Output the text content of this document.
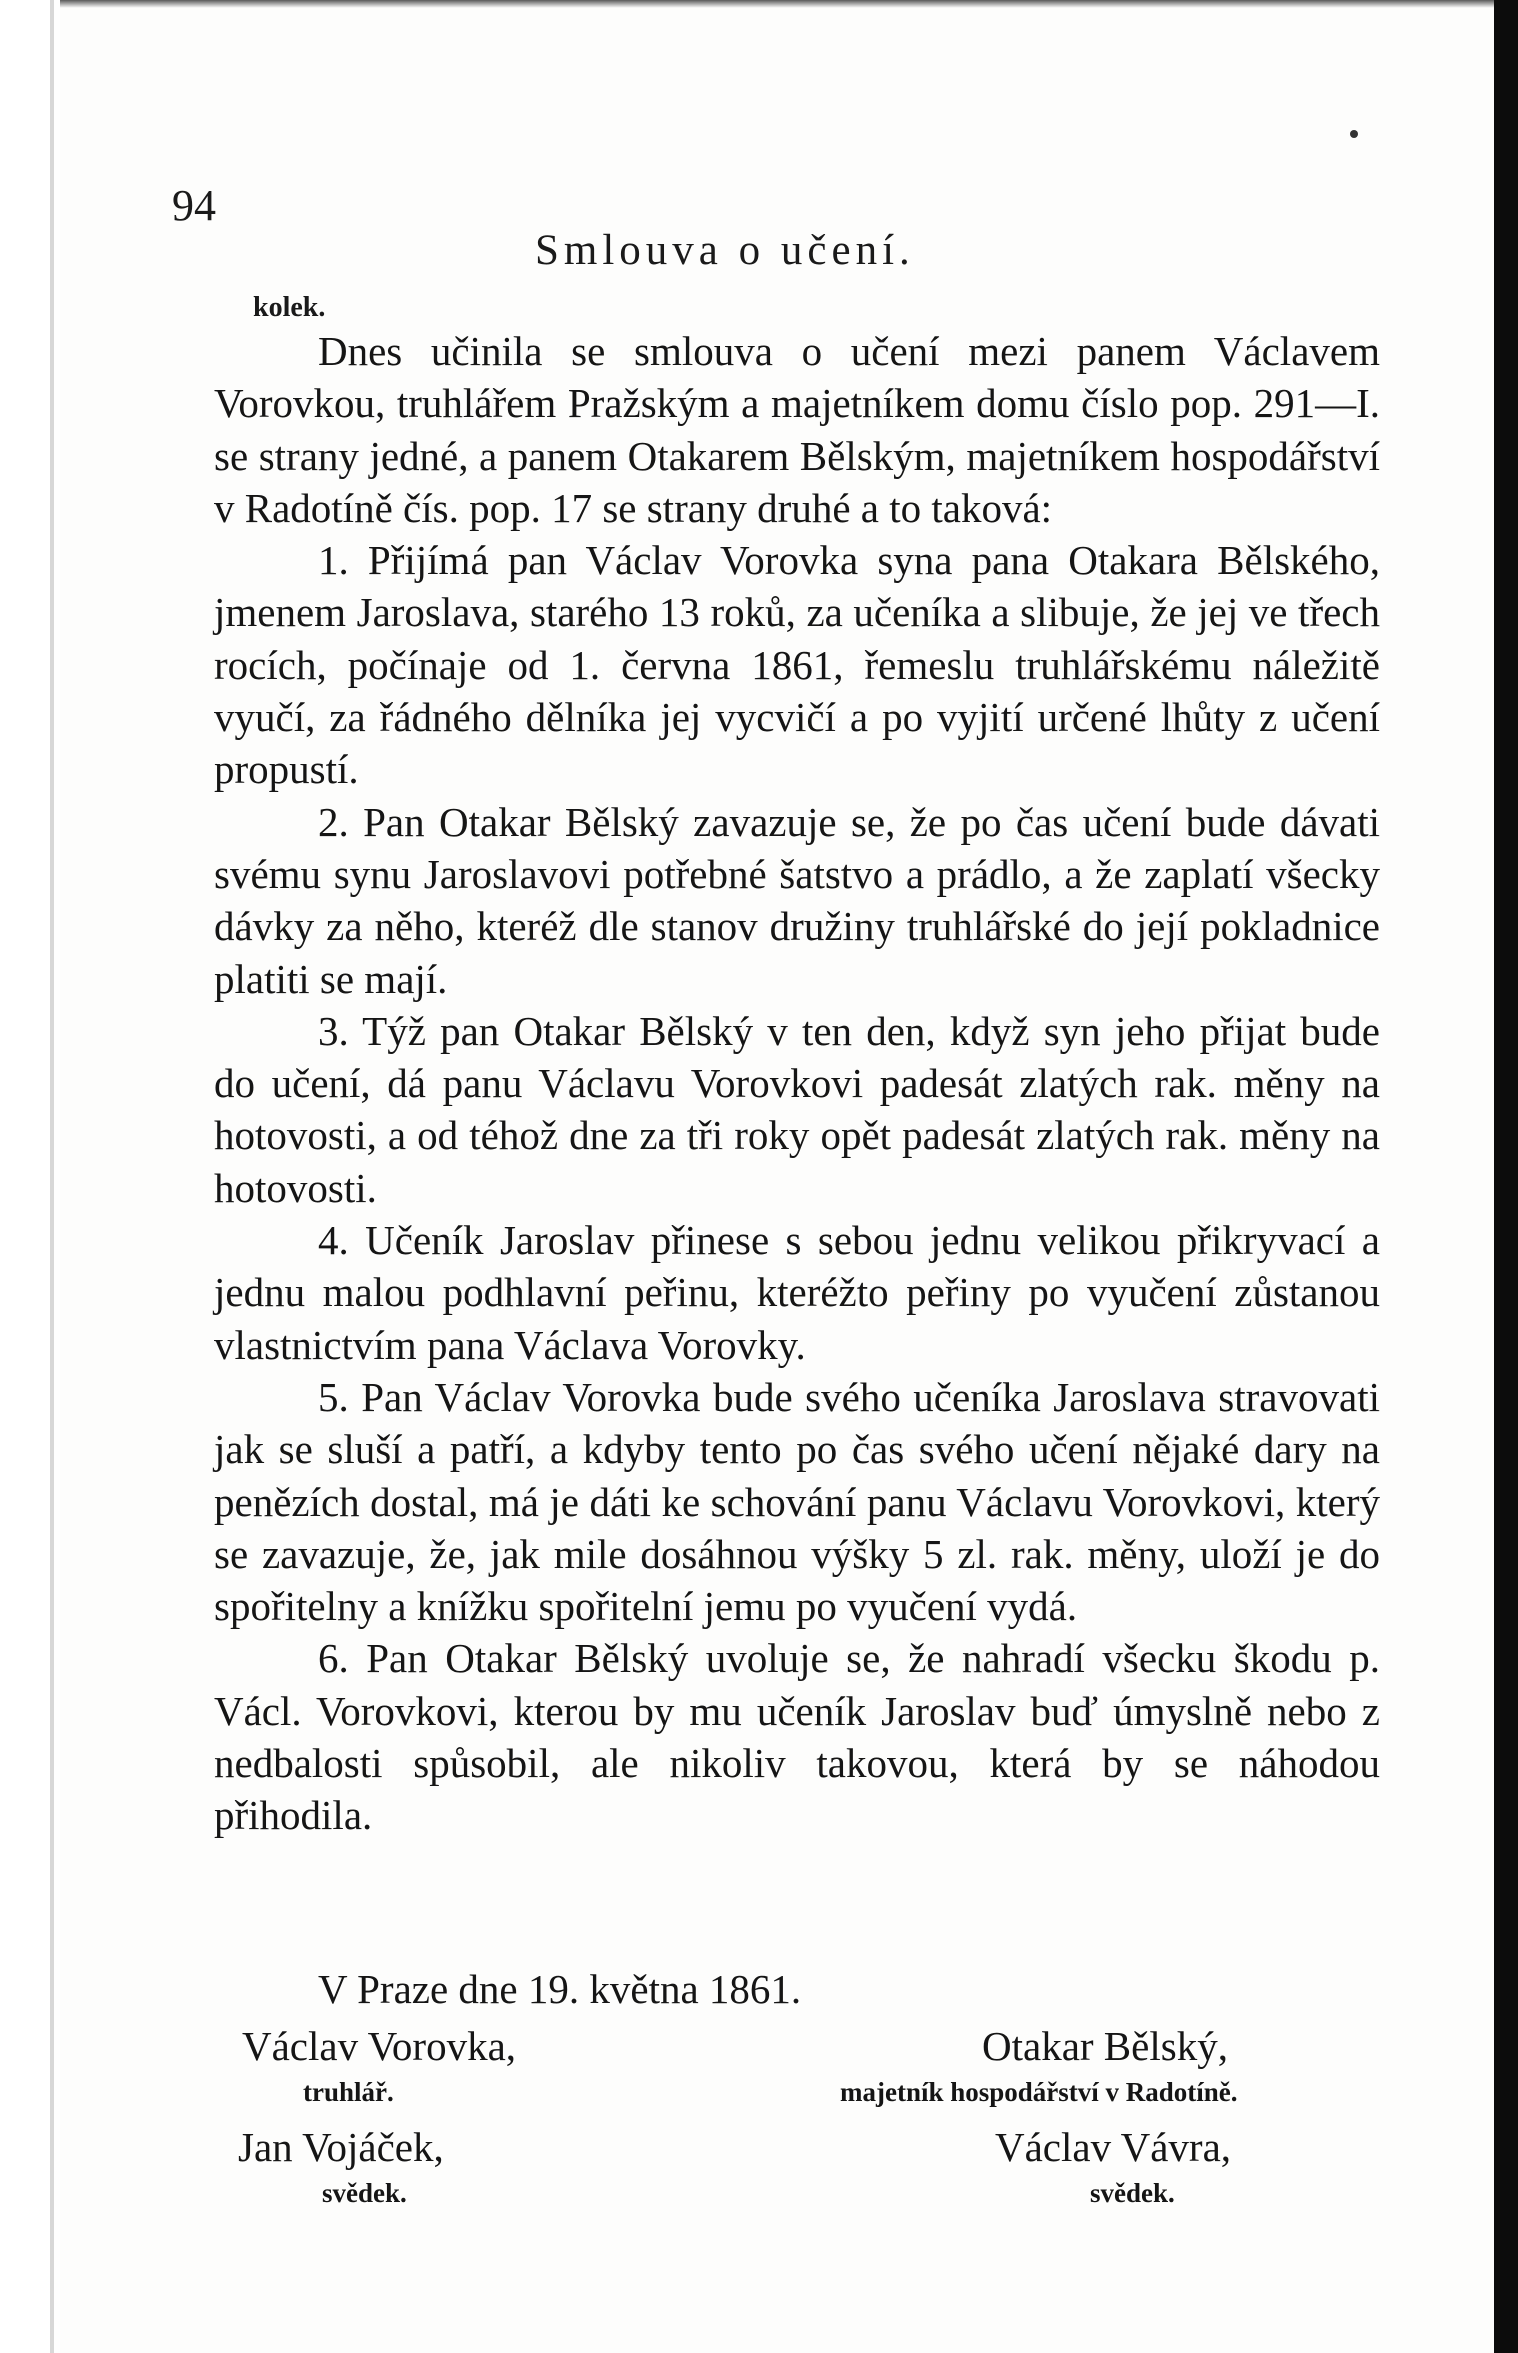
94
Smlouva o učení.
kolek.

Dnes učinila se smlouva o učení mezi panem Václavem Vorovkou, truhlářem Pražským a majetníkem domu číslo pop. 291—I. se strany jedné, a panem Otakarem Bělským, majetníkem hospodářství v Radotíně čís. pop. 17 se strany druhé a to taková:

1. Přijímá pan Václav Vorovka syna pana Otakara Bělského, jmenem Jaroslava, starého 13 roků, za učeníka a slibuje, že jej ve třech rocích, počínaje od 1. června 1861, řemeslu truhlářskému náležitě vyučí, za řádného dělníka jej vycvičí a po vyjití určené lhůty z učení propustí.

2. Pan Otakar Bělský zavazuje se, že po čas učení bude dávati svému synu Jaroslavovi potřebné šatstvo a prádlo, a že zaplatí všecky dávky za něho, kteréž dle stanov družiny truhlářské do její pokladnice platiti se mají.

3. Týž pan Otakar Bělský v ten den, když syn jeho přijat bude do učení, dá panu Václavu Vorovkovi padesát zlatých rak. měny na hotovosti, a od téhož dne za tři roky opět padesát zlatých rak. měny na hotovosti.

4. Učeník Jaroslav přinese s sebou jednu velikou přikryvací a jednu malou podhlavní peřinu, kteréžto peřiny po vyučení zůstanou vlastnictvím pana Václava Vorovky.

5. Pan Václav Vorovka bude svého učeníka Jaroslava stravovati jak se sluší a patří, a kdyby tento po čas svého učení nějaké dary na penězích dostal, má je dáti ke schování panu Václavu Vorovkovi, který se zavazuje, že, jak mile dosáhnou výšky 5 zl. rak. měny, uloží je do spořitelny a knížku spořitelní jemu po vyučení vydá.

6. Pan Otakar Bělský uvoluje se, že nahradí všecku škodu p. Václ. Vorovkovi, kterou by mu učeník Jaroslav buď úmyslně nebo z nedbalosti spůsobil, ale nikoliv takovou, která by se náhodou přihodila.

V Praze dne 19. května 1861.
Václav Vorovka,
truhlář.
Otakar Bělský,
majetník hospodářství v Radotíně.
Jan Vojáček,
svědek.
Václav Vávra,
svědek.
